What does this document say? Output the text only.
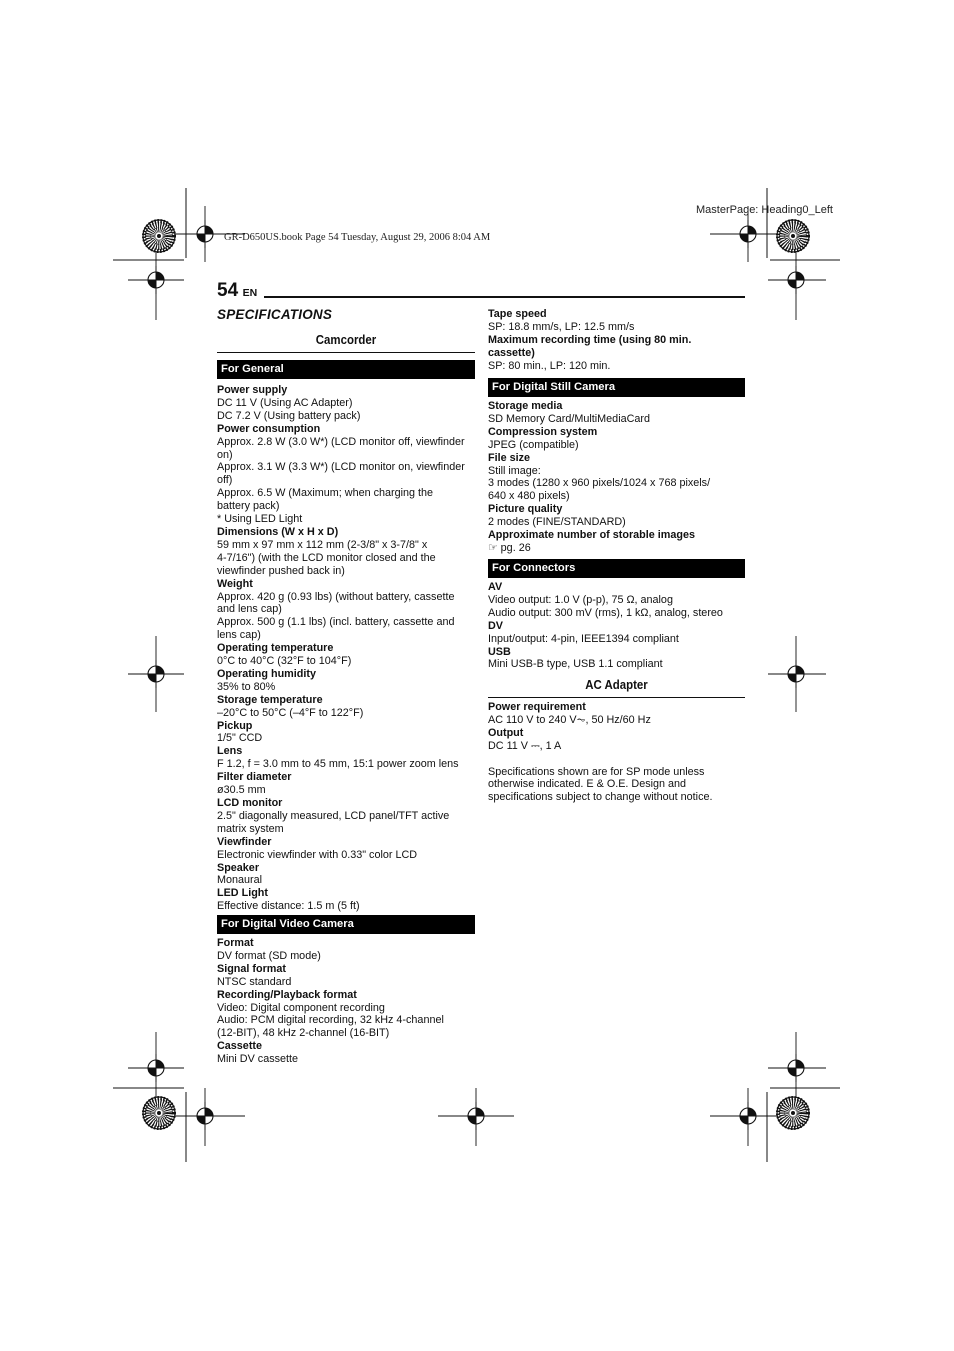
GR-D650US.book Page 54 Tuesday, August 29, 2006 8:04 AM
MasterPage: Heading0_Left
54 EN
SPECIFICATIONS
Camcorder
For General
Power supply
DC 11 V (Using AC Adapter)
DC 7.2 V (Using battery pack)
Power consumption
Approx. 2.8 W (3.0 W*) (LCD monitor off, viewfinder
on)
Approx. 3.1 W (3.3 W*) (LCD monitor on, viewfinder
off)
Approx. 6.5 W (Maximum; when charging the
battery pack)
* Using LED Light
Dimensions (W x H x D)
59 mm x 97 mm x 112 mm (2-3/8" x 3-7/8" x
4-7/16") (with the LCD monitor closed and the
viewfinder pushed back in)
Weight
Approx. 420 g (0.93 lbs) (without battery, cassette
and lens cap)
Approx. 500 g (1.1 lbs) (incl. battery, cassette and
lens cap)
Operating temperature
0°C to 40°C (32°F to 104°F)
Operating humidity
35% to 80%
Storage temperature
–20°C to 50°C (–4°F to 122°F)
Pickup
1/5" CCD
Lens
F 1.2, f = 3.0 mm to 45 mm, 15:1 power zoom lens
Filter diameter
ø30.5 mm
LCD monitor
2.5" diagonally measured, LCD panel/TFT active
matrix system
Viewfinder
Electronic viewfinder with 0.33" color LCD
Speaker
Monaural
LED Light
Effective distance: 1.5 m (5 ft)
For Digital Video Camera
Format
DV format (SD mode)
Signal format
NTSC standard
Recording/Playback format
Video: Digital component recording
Audio: PCM digital recording, 32 kHz 4-channel
(12-BIT), 48 kHz 2-channel (16-BIT)
Cassette
Mini DV cassette
Tape speed
SP: 18.8 mm/s, LP: 12.5 mm/s
Maximum recording time (using 80 min.
cassette)
SP: 80 min., LP: 120 min.
For Digital Still Camera
Storage media
SD Memory Card/MultiMediaCard
Compression system
JPEG (compatible)
File size
Still image:
3 modes (1280 x 960 pixels/1024 x 768 pixels/
640 x 480 pixels)
Picture quality
2 modes (FINE/STANDARD)
Approximate number of storable images
☞ pg. 26
For Connectors
AV
Video output: 1.0 V (p-p), 75 Ω, analog
Audio output: 300 mV (rms), 1 kΩ, analog, stereo
DV
Input/output: 4-pin, IEEE1394 compliant
USB
Mini USB-B type, USB 1.1 compliant
AC Adapter
Power requirement
AC 110 V to 240 V⏦, 50 Hz/60 Hz
Output
DC 11 V ⎓, 1 A
Specifications shown are for SP mode unless
otherwise indicated. E & O.E. Design and
specifications subject to change without notice.
